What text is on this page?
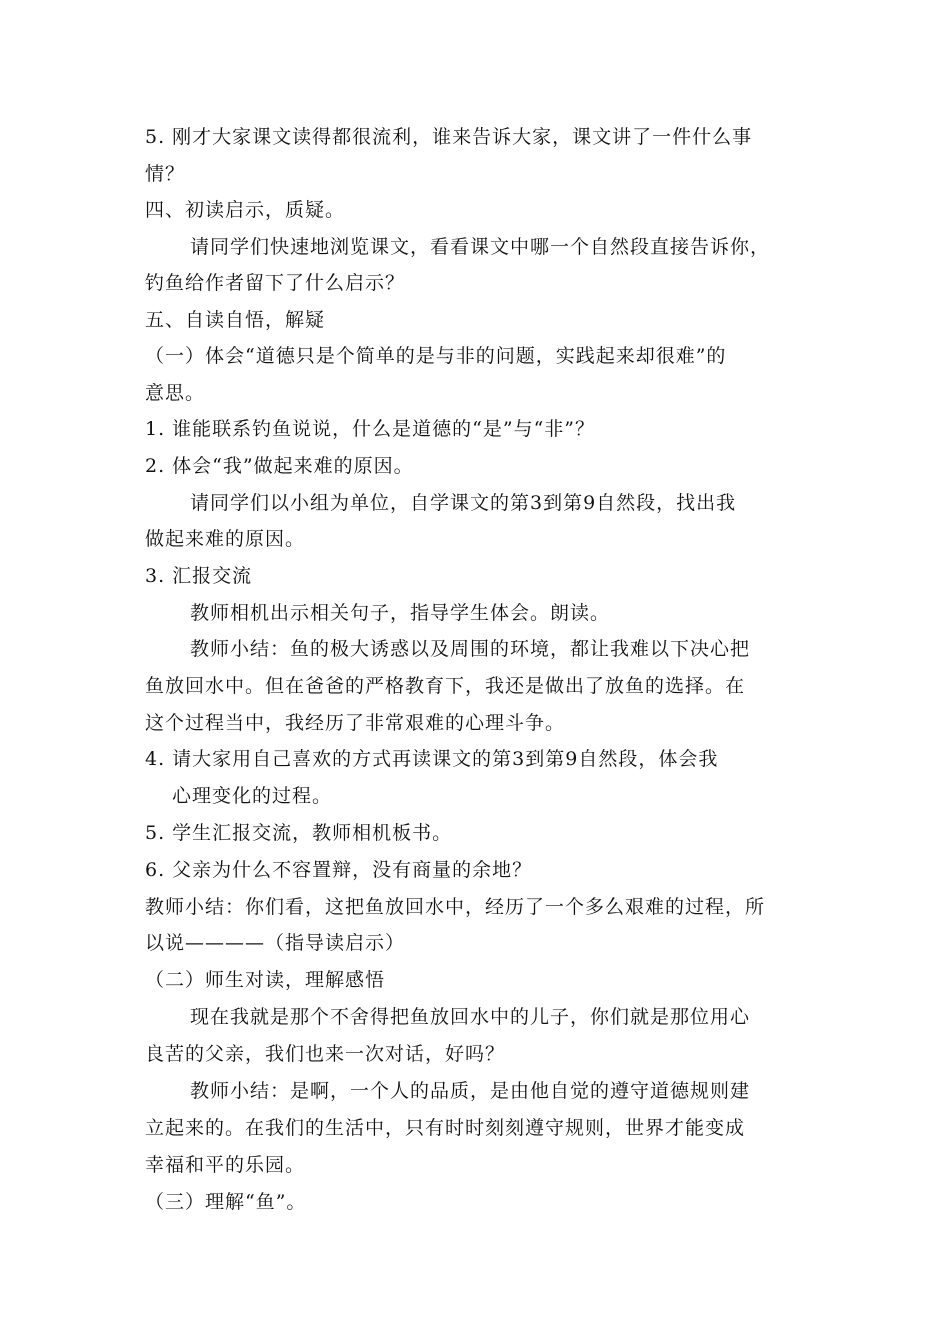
5. 刚才大家课文读得都很流利，谁来告诉大家，课文讲了一件什么事
情？
四、初读启示，质疑。
请同学们快速地浏览课文，看看课文中哪一个自然段直接告诉你，
钓鱼给作者留下了什么启示？
五、自读自悟，解疑
（一）体会“道德只是个简单的是与非的问题，实践起来却很难”的
意思。
1. 谁能联系钓鱼说说，什么是道德的“是”与“非”？
2. 体会“我”做起来难的原因。
请同学们以小组为单位，自学课文的第3到第9自然段，找出我
做起来难的原因。
3. 汇报交流
教师相机出示相关句子，指导学生体会。朗读。
教师小结：鱼的极大诱惑以及周围的环境，都让我难以下决心把
鱼放回水中。但在爸爸的严格教育下，我还是做出了放鱼的选择。在
这个过程当中，我经历了非常艰难的心理斗争。
4. 请大家用自己喜欢的方式再读课文的第3到第9自然段，体会我
心理变化的过程。
5. 学生汇报交流，教师相机板书。
6. 父亲为什么不容置辩，没有商量的余地？
教师小结：你们看，这把鱼放回水中，经历了一个多么艰难的过程，所
以说————（指导读启示）
（二）师生对读，理解感悟
现在我就是那个不舍得把鱼放回水中的儿子，你们就是那位用心
良苦的父亲，我们也来一次对话，好吗？
教师小结：是啊，一个人的品质，是由他自觉的遵守道德规则建
立起来的。在我们的生活中，只有时时刻刻遵守规则，世界才能变成
幸福和平的乐园。
（三）理解“鱼”。
